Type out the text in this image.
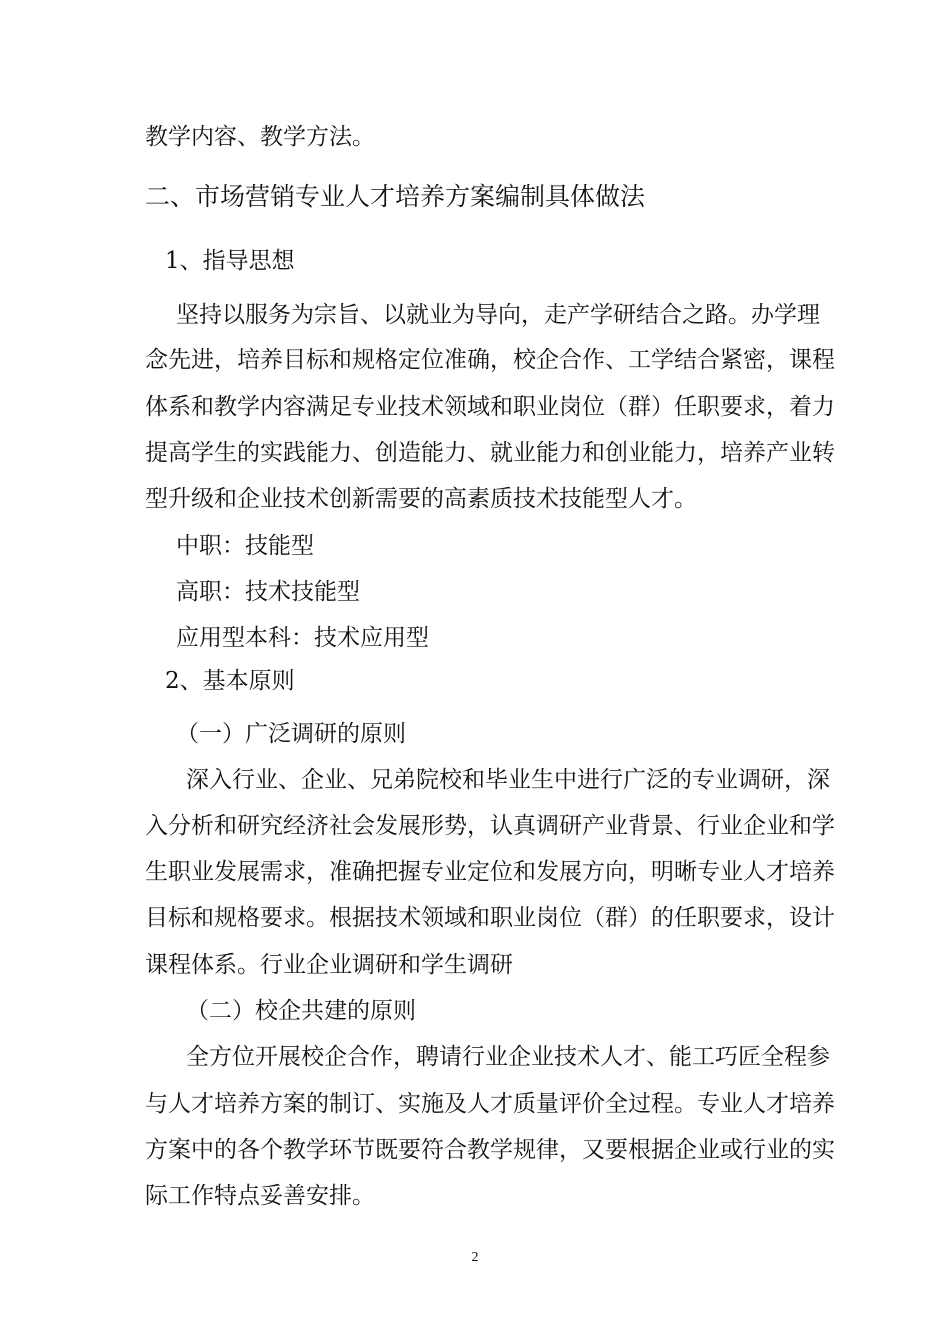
教学内容、教学方法。
二、市场营销专业人才培养方案编制具体做法
1、指导思想
坚持以服务为宗旨、以就业为导向，走产学研结合之路。办学理
念先进，培养目标和规格定位准确，校企合作、工学结合紧密，课程
体系和教学内容满足专业技术领域和职业岗位（群）任职要求，着力
提高学生的实践能力、创造能力、就业能力和创业能力，培养产业转
型升级和企业技术创新需要的高素质技术技能型人才。
中职：技能型
高职：技术技能型
应用型本科：技术应用型
2、基本原则
（一）广泛调研的原则
深入行业、企业、兄弟院校和毕业生中进行广泛的专业调研，深
入分析和研究经济社会发展形势，认真调研产业背景、行业企业和学
生职业发展需求，准确把握专业定位和发展方向，明晰专业人才培养
目标和规格要求。根据技术领域和职业岗位（群）的任职要求，设计
课程体系。行业企业调研和学生调研
（二）校企共建的原则
全方位开展校企合作，聘请行业企业技术人才、能工巧匠全程参
与人才培养方案的制订、实施及人才质量评价全过程。专业人才培养
方案中的各个教学环节既要符合教学规律，又要根据企业或行业的实
际工作特点妥善安排。
2
